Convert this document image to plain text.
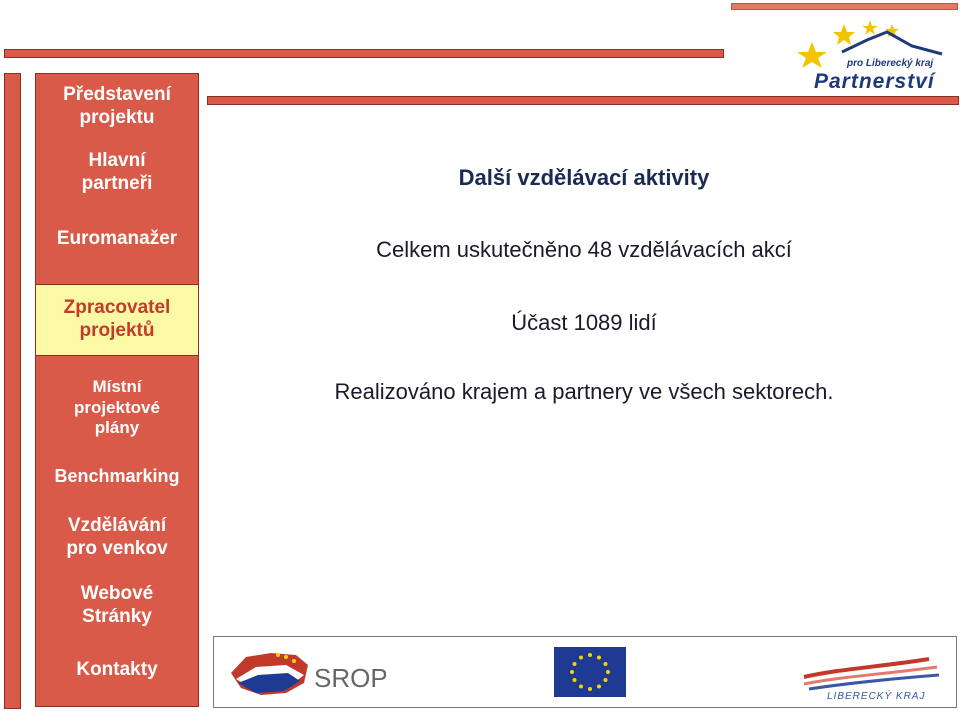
pro Liberecký kraj
Partnerství
Představení projektu
Hlavní partneři
Euromanažer
Zpracovatel projektů
Místní projektové plány
Benchmarking
Vzdělávání pro venkov
Webové Stránky
Kontakty
Další vzdělávací aktivity
Celkem uskutečněno 48 vzdělávacích akcí
Účast 1089 lidí
Realizováno krajem a partnery ve všech sektorech.
SROP
LIBERECKÝ KRAJ
